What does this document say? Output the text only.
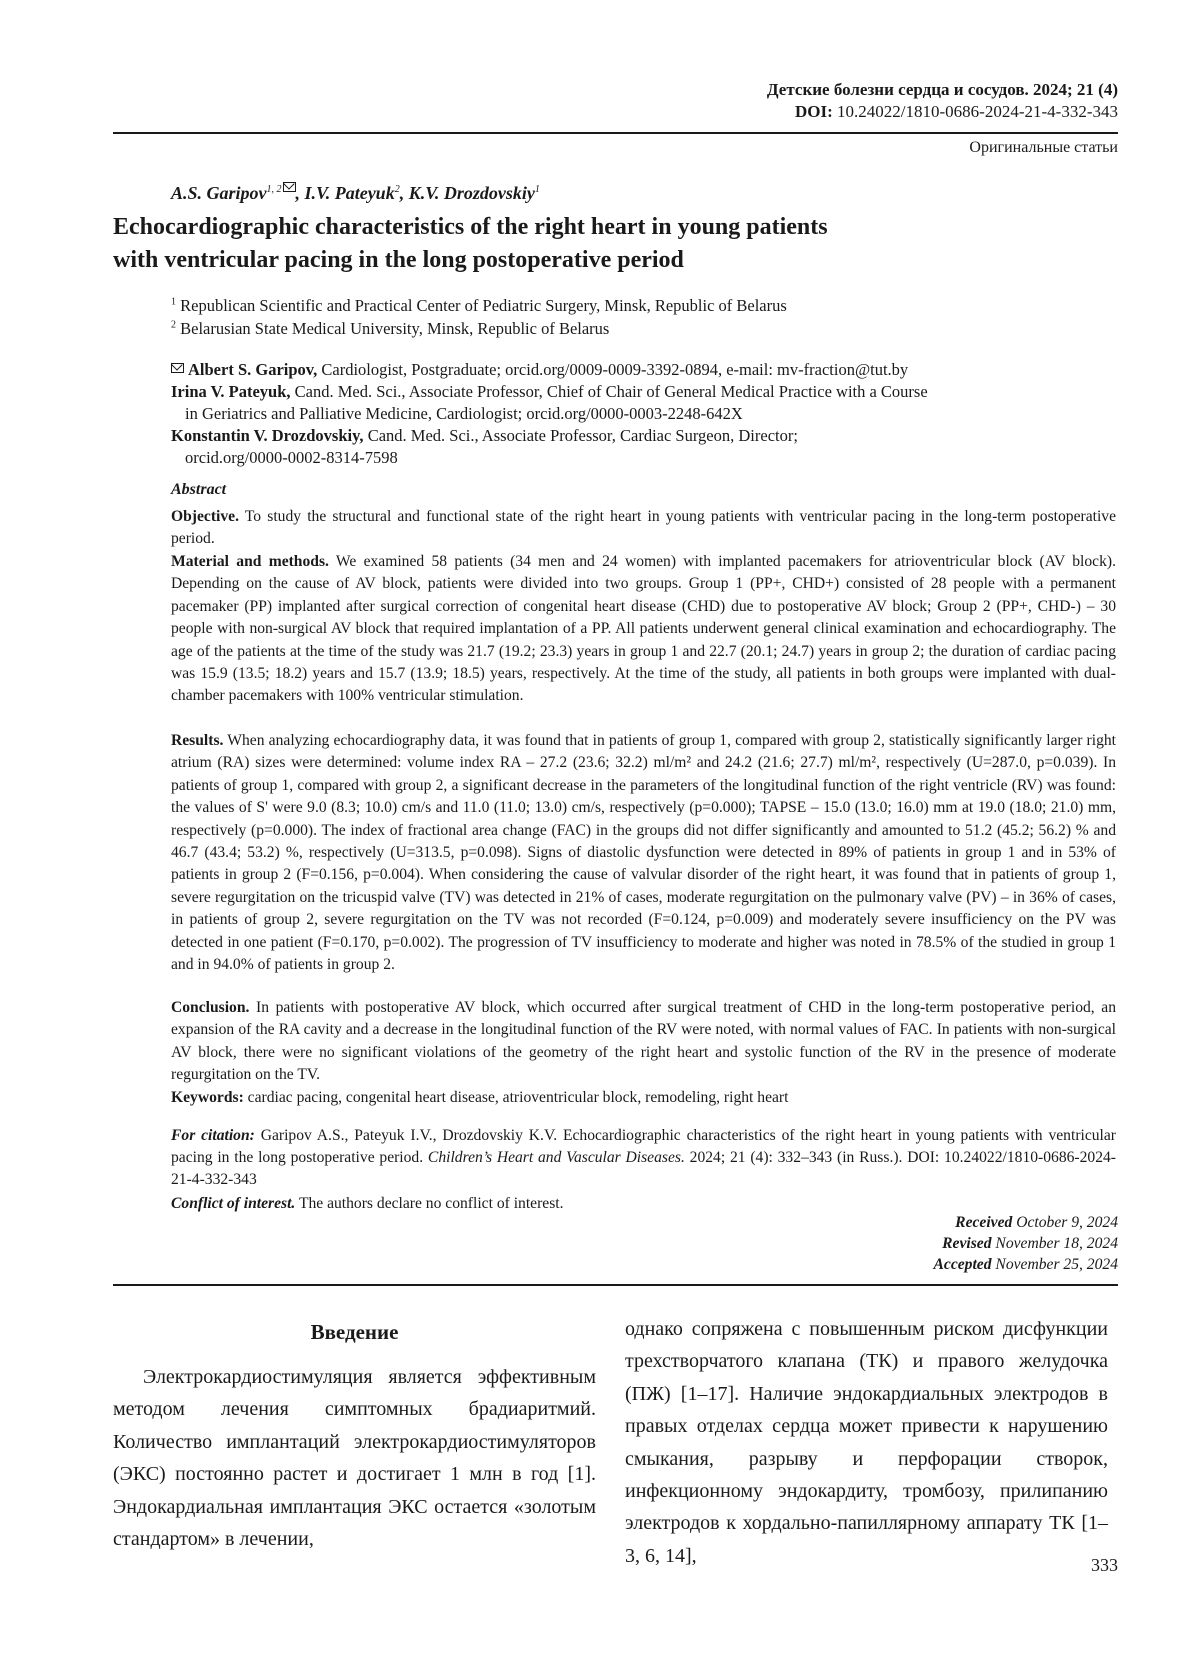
Детские болезни сердца и сосудов. 2024; 21 (4)
DOI: 10.24022/1810-0686-2024-21-4-332-343
Оригинальные статьи
A.S. Garipov$^{1, 2}$ , I.V. Pateyuk$^2$, K.V. Drozdovskiy$^1$
Echocardiographic characteristics of the right heart in young patients
with ventricular pacing in the long postoperative period
$^1$ Republican Scientific and Practical Center of Pediatric Surgery, Minsk, Republic of Belarus
$^2$ Belarusian State Medical University, Minsk, Republic of Belarus
Albert S. Garipov, Cardiologist, Postgraduate; orcid.org/0009-0009-3392-0894, e-mail: mv-fraction@tut.by
Irina V. Pateyuk, Cand. Med. Sci., Associate Professor, Chief of Chair of General Medical Practice with a Course
in Geriatrics and Palliative Medicine, Cardiologist; orcid.org/0000-0003-2248-642X
Konstantin V. Drozdovskiy, Cand. Med. Sci., Associate Professor, Cardiac Surgeon, Director;
orcid.org/0000-0002-8314-7598
Abstract
Objective. To study the structural and functional state of the right heart in young patients with ventricular pacing in the long-term postoperative period.
Material and methods. We examined 58 patients (34 men and 24 women) with implanted pacemakers for atrioventricular block (AV block). Depending on the cause of AV block, patients were divided into two groups. Group 1 (PP+, CHD+) consisted of 28 people with a permanent pacemaker (PP) implanted after surgical correction of congenital heart disease (CHD) due to postoperative AV block; Group 2 (PP+, CHD-) – 30 people with non-surgical AV block that required implantation of a PP. All patients underwent general clinical examination and echocardiography. The age of the patients at the time of the study was 21.7 (19.2; 23.3) years in group 1 and 22.7 (20.1; 24.7) years in group 2; the duration of cardiac pacing was 15.9 (13.5; 18.2) years and 15.7 (13.9; 18.5) years, respectively. At the time of the study, all patients in both groups were implanted with dual-chamber pacemakers with 100% ventricular stimulation.
Results. When analyzing echocardiography data, it was found that in patients of group 1, compared with group 2, statistically significantly larger right atrium (RA) sizes were determined: volume index RA – 27.2 (23.6; 32.2) ml/m² and 24.2 (21.6; 27.7) ml/m², respectively (U=287.0, p=0.039). In patients of group 1, compared with group 2, a significant decrease in the parameters of the longitudinal function of the right ventricle (RV) was found: the values of S' were 9.0 (8.3; 10.0) cm/s and 11.0 (11.0; 13.0) cm/s, respectively (p=0.000); TAPSE – 15.0 (13.0; 16.0) mm at 19.0 (18.0; 21.0) mm, respectively (p=0.000). The index of fractional area change (FAC) in the groups did not differ significantly and amounted to 51.2 (45.2; 56.2) % and 46.7 (43.4; 53.2) %, respectively (U=313.5, p=0.098). Signs of diastolic dysfunction were detected in 89% of patients in group 1 and in 53% of patients in group 2 (F=0.156, p=0.004). When considering the cause of valvular disorder of the right heart, it was found that in patients of group 1, severe regurgitation on the tricuspid valve (TV) was detected in 21% of cases, moderate regurgitation on the pulmonary valve (PV) – in 36% of cases, in patients of group 2, severe regurgitation on the TV was not recorded (F=0.124, p=0.009) and moderately severe insufficiency on the PV was detected in one patient (F=0.170, p=0.002). The progression of TV insufficiency to moderate and higher was noted in 78.5% of the studied in group 1 and in 94.0% of patients in group 2.
Conclusion. In patients with postoperative AV block, which occurred after surgical treatment of CHD in the long-term postoperative period, an expansion of the RA cavity and a decrease in the longitudinal function of the RV were noted, with normal values of FAC. In patients with non-surgical AV block, there were no significant violations of the geometry of the right heart and systolic function of the RV in the presence of moderate regurgitation on the TV.
Keywords: cardiac pacing, congenital heart disease, atrioventricular block, remodeling, right heart
For citation: Garipov A.S., Pateyuk I.V., Drozdovskiy K.V. Echocardiographic characteristics of the right heart in young patients with ventricular pacing in the long postoperative period. Children’s Heart and Vascular Diseases. 2024; 21 (4): 332–343 (in Russ.). DOI: 10.24022/1810-0686-2024-21-4-332-343
Conflict of interest. The authors declare no conflict of interest.
Received October 9, 2024
Revised November 18, 2024
Accepted November 25, 2024
Введение

Электрокардиостимуляция является эффективным методом лечения симптомных брадиаритмий. Количество имплантаций электрокардиостимуляторов (ЭКС) постоянно растет и достигает 1 млн в год [1]. Эндокардиальная имплантация ЭКС остается «золотым стандартом» в лечении,

однако сопряжена с повышенным риском дисфункции трехстворчатого клапана (ТК) и правого желудочка (ПЖ) [1–17]. Наличие эндокардиальных электродов в правых отделах сердца может привести к нарушению смыкания, разрыву и перфорации створок, инфекционному эндокардиту, тромбозу, прилипанию электродов к хордально-папиллярному аппарату ТК [1–3, 6, 14],	333
